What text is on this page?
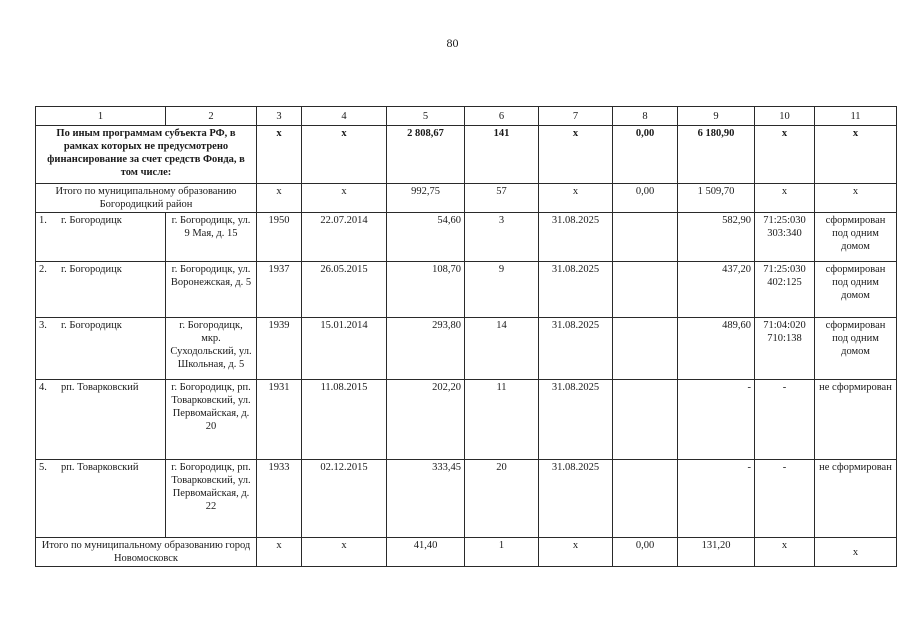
80
1	2	3	4	5	6	7	8	9	10	11
По иным программам субъекта РФ, в рамках которых не предусмотрено финансирование за счет средств Фонда, в том числе:		x	x	2 808,67	141	x	0,00	6 180,90	x	x
Итого по муниципальному образованию Богородицкий район		x	x	992,75	57	x	0,00	1 509,70	x	x
1. г. Богородицк	г. Богородицк, ул. 9 Мая, д. 15	1950	22.07.2014	54,60	3	31.08.2025		582,90	71:25:030 303:340	сформирован под одним домом
2. г. Богородицк	г. Богородицк, ул. Воронежская, д. 5	1937	26.05.2015	108,70	9	31.08.2025		437,20	71:25:030 402:125	сформирован под одним домом
3. г. Богородицк	г. Богородицк, мкр. Суходольский, ул. Школьная, д. 5	1939	15.01.2014	293,80	14	31.08.2025		489,60	71:04:020 710:138	сформирован под одним домом
4. рп. Товарковский	г. Богородицк, рп. Товарковский, ул. Первомайская, д. 20	1931	11.08.2015	202,20	11	31.08.2025		-	-	не сформирован
5. рп. Товарковский	г. Богородицк, рп. Товарковский, ул. Первомайская, д. 22	1933	02.12.2015	333,45	20	31.08.2025		-	-	не сформирован
Итого по муниципальному образованию город Новомосковск		x	x	41,40	1	x	0,00	131,20	x	x
